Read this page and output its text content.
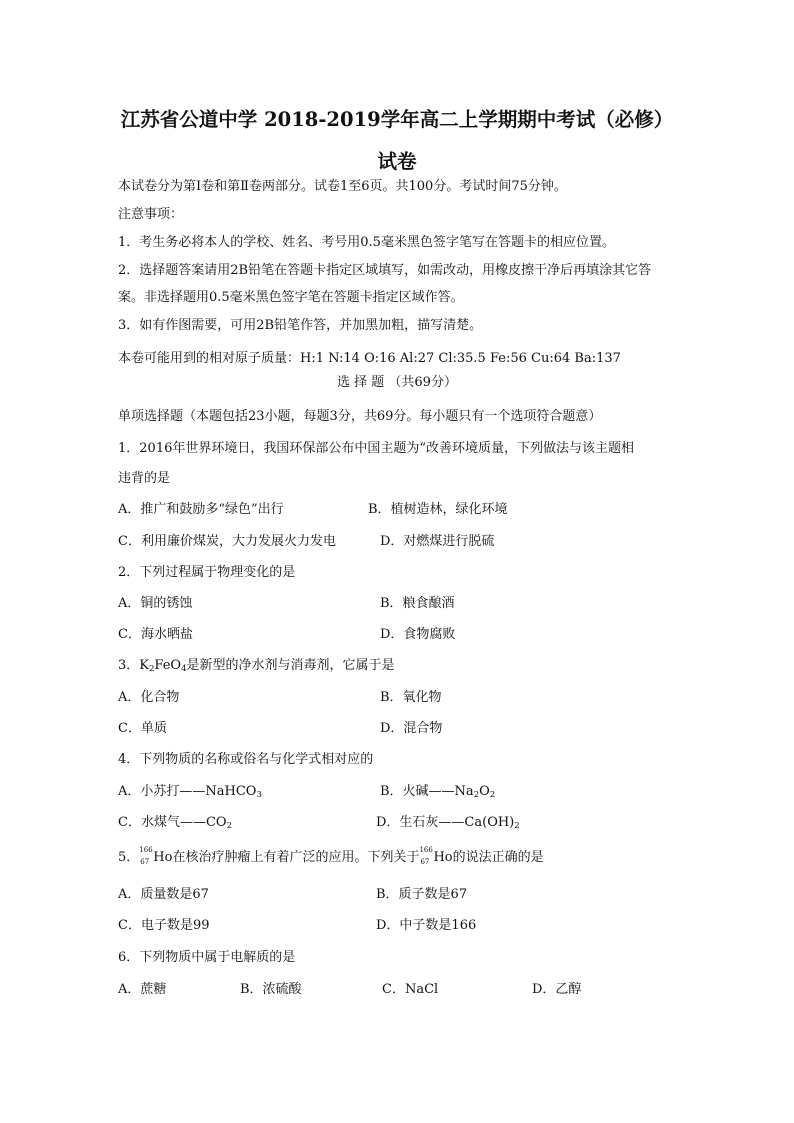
江苏省公道中学 2018-2019学年高二上学期期中考试（必修）
试卷
本试卷分为第Ⅰ卷和第Ⅱ卷两部分。试卷1至6页。共100分。考试时间75分钟。
注意事项：
1．考生务必将本人的学校、姓名、考号用0.5毫米黑色签字笔写在答题卡的相应位置。
2．选择题答案请用2B铅笔在答题卡指定区域填写，如需改动，用橡皮擦干净后再填涂其它答
案。非选择题用0.5毫米黑色签字笔在答题卡指定区域作答。
3．如有作图需要，可用2B铅笔作答，并加黑加粗，描写清楚。
本卷可能用到的相对原子质量：H:1 N:14 O:16 Al:27 Cl:35.5 Fe:56 Cu:64 Ba:137
选 择 题 （共69分）
单项选择题（本题包括23小题，每题3分，共69分。每小题只有一个选项符合题意）
1．2016年世界环境日，我国环保部公布中国主题为“改善环境质量，下列做法与该主题相
违背的是
A．推广和鼓励多“绿色”出行	B．植树造林，绿化环境
C．利用廉价煤炭，大力发展火力发电	D．对燃煤进行脱硫
2．下列过程属于物理变化的是
A．铜的锈蚀	B．粮食酿酒
C．海水晒盐	D．食物腐败
3．$K_2FeO_4$是新型的净水剂与消毒剂，它属于是
A．化合物	B．氧化物
C．单质	D．混合物
4．下列物质的名称或俗名与化学式相对应的
A．小苏打——NaHCO$_3$	B．火碱$——Na_2O_2$
C．水煤气$——CO_2$	D．生石灰$——Ca(OH)_2$
5． 166
67 Ho在核治疗肿瘤上有着广泛的应用。下列关于 166
67 Ho的说法正确的是
A．质量数是67	B．质子数是67
C．电子数是99	D．中子数是166
6．下列物质中属于电解质的是
A．蔗糖	B．浓硫酸	C．NaCl	D．乙醇
